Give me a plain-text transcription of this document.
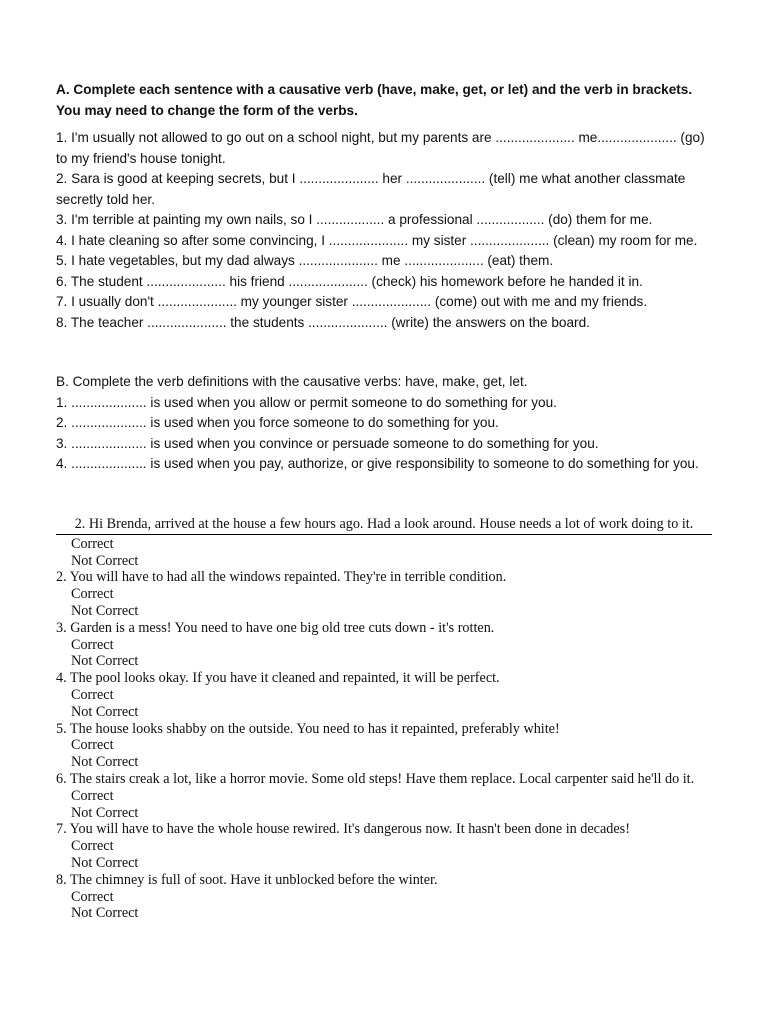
A. Complete each sentence with a causative verb (have, make, get, or let) and the verb in brackets. You may need to change the form of the verbs.

1. I'm usually not allowed to go out on a school night, but my parents are ..................... me..................... (go) to my friend's house tonight.

2. Sara is good at keeping secrets, but I ..................... her ..................... (tell) me what another classmate secretly told her.

3. I'm terrible at painting my own nails, so I .................. a professional .................. (do) them for me.

4. I hate cleaning so after some convincing, I ..................... my sister ..................... (clean) my room for me.

5. I hate vegetables, but my dad always ..................... me ..................... (eat) them.

6. The student ..................... his friend ..................... (check) his homework before he handed it in.

7. I usually don't ..................... my younger sister ..................... (come) out with me and my friends.

8. The teacher ..................... the students ..................... (write) the answers on the board.

B. Complete the verb definitions with the causative verbs: have, make, get, let.

1. .................... is used when you allow or permit someone to do something for you.

2. .................... is used when you force someone to do something for you.

3. .................... is used when you convince or persuade someone to do something for you.

4. .................... is used when you pay, authorize, or give responsibility to someone to do something for you.

2. Hi Brenda, arrived at the house a few hours ago. Had a look around. House needs a lot of work doing to it.
Correct
Not Correct
2. You will have to had all the windows repainted. They're in terrible condition.
Correct
Not Correct
3. Garden is a mess! You need to have one big old tree cuts down - it's rotten.
Correct
Not Correct
4. The pool looks okay. If you have it cleaned and repainted, it will be perfect.
Correct
Not Correct
5. The house looks shabby on the outside. You need to has it repainted, preferably white!
Correct
Not Correct
6. The stairs creak a lot, like a horror movie. Some old steps! Have them replace. Local carpenter said he'll do it.
Correct
Not Correct
7. You will have to have the whole house rewired. It's dangerous now. It hasn't been done in decades!
Correct
Not Correct
8. The chimney is full of soot. Have it unblocked before the winter.
Correct
Not Correct
